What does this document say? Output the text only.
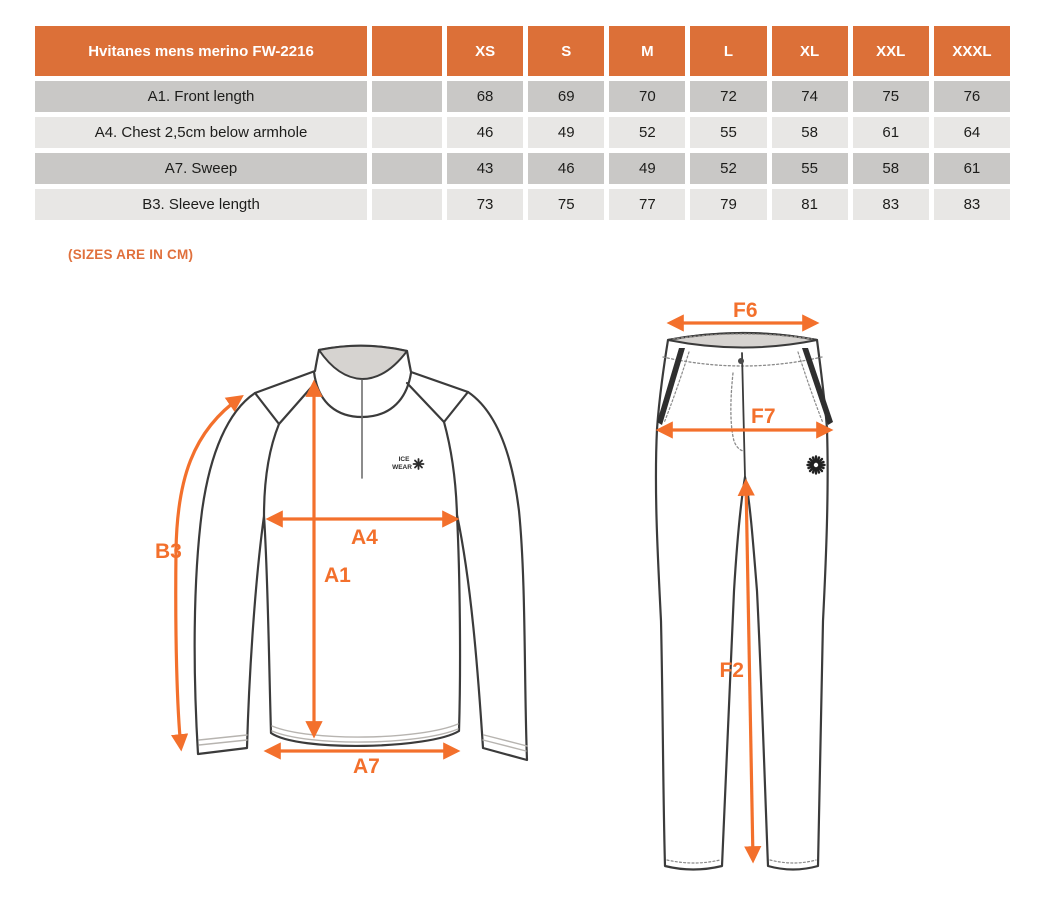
Hvitanes mens merino FW-2216		XS	S	M	L	XL	XXL	XXXL
A1. Front length		68	69	70	72	74	75	76
A4. Chest 2,5cm below armhole		46	49	52	55	58	61	64
A7. Sweep		43	46	49	52	55	58	61
B3. Sleeve length		73	75	77	79	81	83	83
(SIZES ARE IN CM)
ICE
WEAR
B3
A4
A1
A7
F6
F7
F2
